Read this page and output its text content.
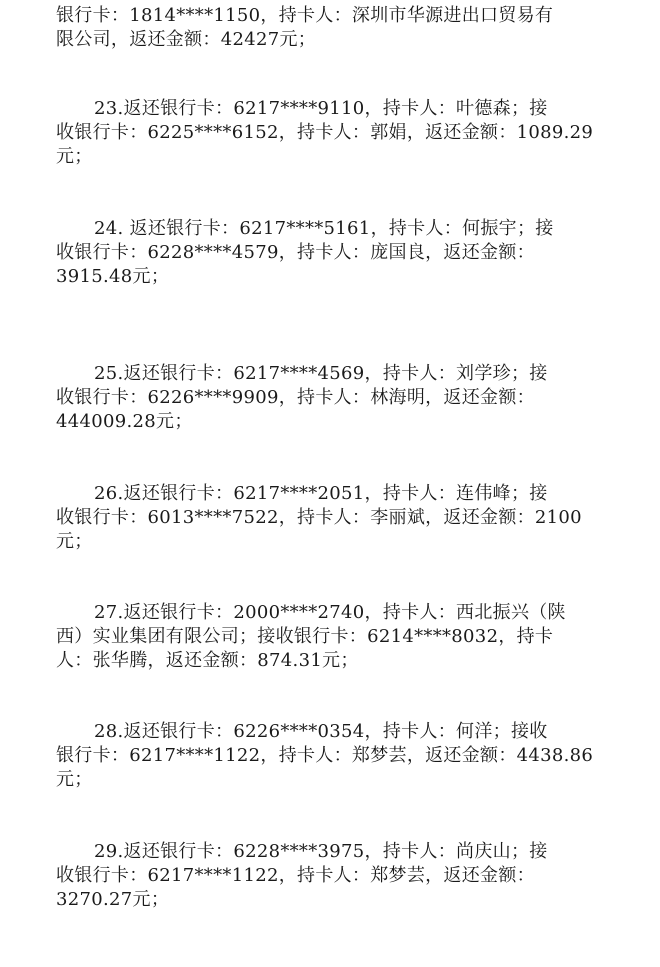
银行卡：1814****1150，持卡人：深圳市华源进出口贸易有
限公司，返还金额：42427元；
23.返还银行卡：6217****9110，持卡人：叶德森；接
收银行卡：6225****6152，持卡人：郭娟，返还金额：1089.29
元；
24. 返还银行卡：6217****5161，持卡人：何振宇；接
收银行卡：6228****4579，持卡人：庞国良，返还金额：
3915.48元；
25.返还银行卡：6217****4569，持卡人：刘学珍；接
收银行卡：6226****9909，持卡人：林海明，返还金额：
444009.28元；
26.返还银行卡：6217****2051，持卡人：连伟峰；接
收银行卡：6013****7522，持卡人：李丽斌，返还金额：2100
元；
27.返还银行卡：2000****2740，持卡人：西北振兴（陕
西）实业集团有限公司；接收银行卡：6214****8032，持卡
人：张华腾，返还金额：874.31元；
28.返还银行卡：6226****0354，持卡人：何洋；接收
银行卡：6217****1122，持卡人：郑梦芸，返还金额：4438.86
元；
29.返还银行卡：6228****3975，持卡人：尚庆山；接
收银行卡：6217****1122，持卡人：郑梦芸，返还金额：
3270.27元；
